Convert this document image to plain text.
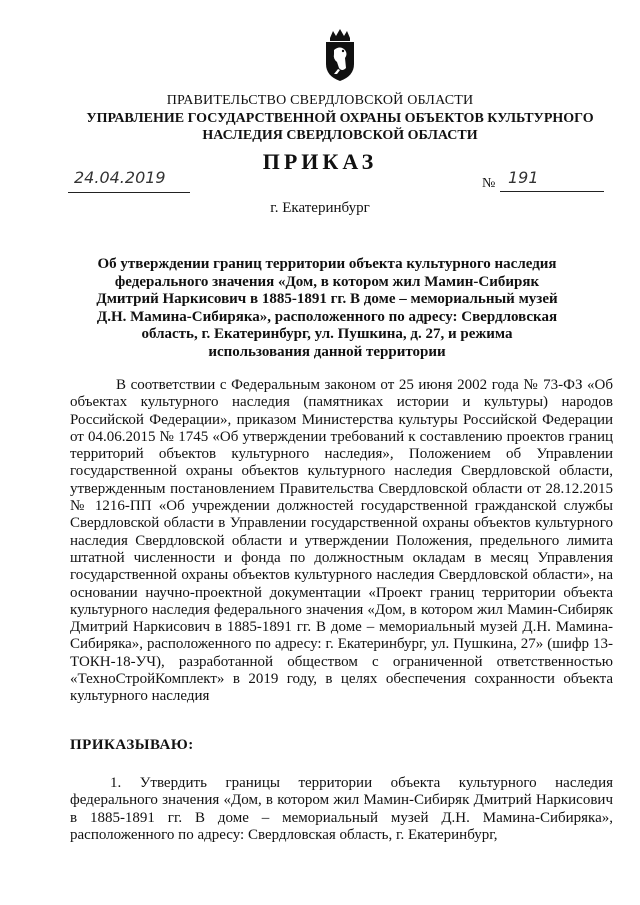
ПРАВИТЕЛЬСТВО СВЕРДЛОВСКОЙ ОБЛАСТИ
УПРАВЛЕНИЕ ГОСУДАРСТВЕННОЙ ОХРАНЫ ОБЪЕКТОВ КУЛЬТУРНОГО НАСЛЕДИЯ СВЕРДЛОВСКОЙ ОБЛАСТИ
ПРИКАЗ
24.04.2019	№ 191
г. Екатеринбург
Об утверждении границ территории объекта культурного наследия федерального значения «Дом, в котором жил Мамин-Сибиряк Дмитрий Наркисович в 1885-1891 гг. В доме – мемориальный музей Д.Н. Мамина-Сибиряка», расположенного по адресу: Свердловская область, г. Екатеринбург, ул. Пушкина, д. 27, и режима использования данной территории
В соответствии с Федеральным законом от 25 июня 2002 года № 73-ФЗ «Об объектах культурного наследия (памятниках истории и культуры) народов Российской Федерации», приказом Министерства культуры Российской Федерации от 04.06.2015 № 1745 «Об утверждении требований к составлению проектов границ территорий объектов культурного наследия», Положением об Управлении государственной охраны объектов культурного наследия Свердловской области, утвержденным постановлением Правительства Свердловской области от 28.12.2015 № 1216-ПП «Об учреждении должностей государственной гражданской службы Свердловской области в Управлении государственной охраны объектов культурного наследия Свердловской области и утверждении Положения, предельного лимита штатной численности и фонда по должностным окладам в месяц Управления государственной охраны объектов культурного наследия Свердловской области», на основании научно-проектной документации «Проект границ территории объекта культурного наследия федерального значения «Дом, в котором жил Мамин-Сибиряк Дмитрий Наркисович в 1885-1891 гг. В доме – мемориальный музей Д.Н. Мамина-Сибиряка», расположенного по адресу: г. Екатеринбург, ул. Пушкина, 27» (шифр 13-ТОКН-18-УЧ), разработанной обществом с ограниченной ответственностью «ТехноСтройКомплект» в 2019 году, в целях обеспечения сохранности объекта культурного наследия
ПРИКАЗЫВАЮ:
1. Утвердить границы территории объекта культурного наследия федерального значения «Дом, в котором жил Мамин-Сибиряк Дмитрий Наркисович в 1885-1891 гг. В доме – мемориальный музей Д.Н. Мамина-Сибиряка», расположенного по адресу: Свердловская область, г. Екатеринбург,
